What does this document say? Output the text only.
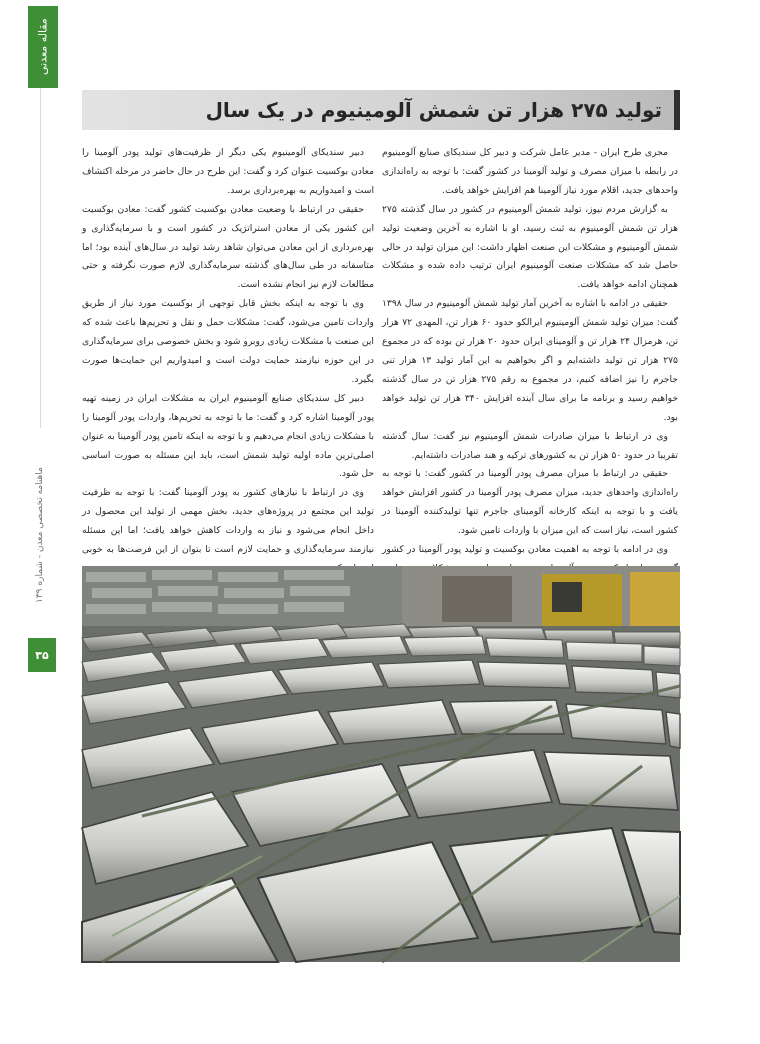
مقاله معدنی
ماهنامه تخصصی معدن - شماره ۱۳۹
۳۵
تولید ۲۷۵ هزار تن شمش آلومینیوم در یک سال

مجری طرح ایران - مدیر عامل شرکت و دبیر کل سندیکای صنایع آلومینیوم در رابطه با میزان مصرف و تولید آلومینا در کشور گفت: با توجه به راه‌اندازی واحدهای جدید، اقلام مورد نیاز آلومینا هم افزایش خواهد یافت.

به گزارش مردم نیوز، تولید شمش آلومینیوم در کشور در سال گذشته ۲۷۵ هزار تن شمش آلومینیوم به ثبت رسید، او با اشاره به آخرین وضعیت تولید شمش آلومینیوم و مشکلات این صنعت اظهار داشت: این میزان تولید در حالی حاصل شد که مشکلات صنعت آلومینیوم ایران ترتیب داده شده و مشکلات همچنان ادامه خواهد یافت.

حقیقی در ادامه با اشاره به آخرین آمار تولید شمش آلومینیوم در سال ۱۳۹۸ گفت: میزان تولید شمش آلومینیوم ایرالکو حدود ۶۰ هزار تن، المهدی ۷۲ هزار تن، هرمزال ۲۴ هزار تن و آلومینای ایران حدود ۲۰ هزار تن بوده که در مجموع ۲۷۵ هزار تن تولید داشته‌ایم و اگر بخواهیم به این آمار تولید ۱۳ هزار تنی جاجرم را نیز اضافه کنیم، در مجموع به رقم ۲۷۵ هزار تن در سال گذشته خواهیم رسید و برنامه ما برای سال آینده افزایش ۳۴۰ هزار تن تولید خواهد بود.

وی در ارتباط با میزان صادرات شمش آلومینیوم نیز گفت: سال گذشته تقریبا در حدود ۵۰ هزار تن به کشورهای ترکیه و هند صادرات داشته‌ایم.

حقیقی در ارتباط با میزان مصرف پودر آلومینا در کشور گفت: با توجه به راه‌اندازی واحدهای جدید، میزان مصرف پودر آلومینا در کشور افزایش خواهد یافت و با توجه به اینکه کارخانه آلومینای جاجرم تنها تولیدکننده آلومینا در کشور است، نیاز است که این میزان با واردات تامین شود.

وی در ادامه با توجه به اهمیت معادن بوکسیت و تولید پودر آلومینا در کشور

دبیر سندیکای آلومینیوم یکی دیگر از ظرفیت‌های تولید پودر آلومینا را معادن بوکسیت عنوان کرد و گفت: این طرح در حال حاضر در مرحله اکتشاف است و امیدواریم به بهره‌برداری برسد.

حقیقی در ارتباط با وضعیت معادن بوکسیت کشور گفت: معادن بوکسیت این کشور یکی از معادن استراتژیک در کشور است و با سرمایه‌گذاری و بهره‌برداری از این معادن می‌توان شاهد رشد تولید در سال‌های آینده بود؛ اما متاسفانه در طی سال‌های گذشته سرمایه‌گذاری لازم صورت نگرفته و حتی مطالعات لازم نیز انجام نشده است.

وی با توجه به اینکه بخش قابل توجهی از بوکسیت مورد نیاز از طریق واردات تامین می‌شود، گفت: مشکلات حمل و نقل و تحریم‌ها باعث شده که این صنعت با مشکلات زیادی روبرو شود و بخش خصوصی برای سرمایه‌گذاری در این حوزه نیازمند حمایت دولت است و امیدواریم این حمایت‌ها صورت بگیرد.

دبیر کل سندیکای صنایع آلومینیوم ایران به مشکلات ایران در زمینه تهیه پودر آلومینا اشاره کرد و گفت: ما با توجه به تحریم‌ها، واردات پودر آلومینا را با مشکلات زیادی انجام می‌دهیم و با توجه به اینکه تامین پودر آلومینا به عنوان اصلی‌ترین ماده اولیه تولید شمش است، باید این مسئله به صورت اساسی حل شود.

وی در ارتباط با نیازهای کشور به پودر آلومینا گفت: با توجه به ظرفیت تولید این مجتمع در پروژه‌های جدید، بخش مهمی از تولید این محصول در داخل انجام می‌شود و نیاز به واردات کاهش خواهد یافت؛ اما این مسئله نیازمند سرمایه‌گذاری و حمایت لازم است تا بتوان از این فرصت‌ها به خوبی
